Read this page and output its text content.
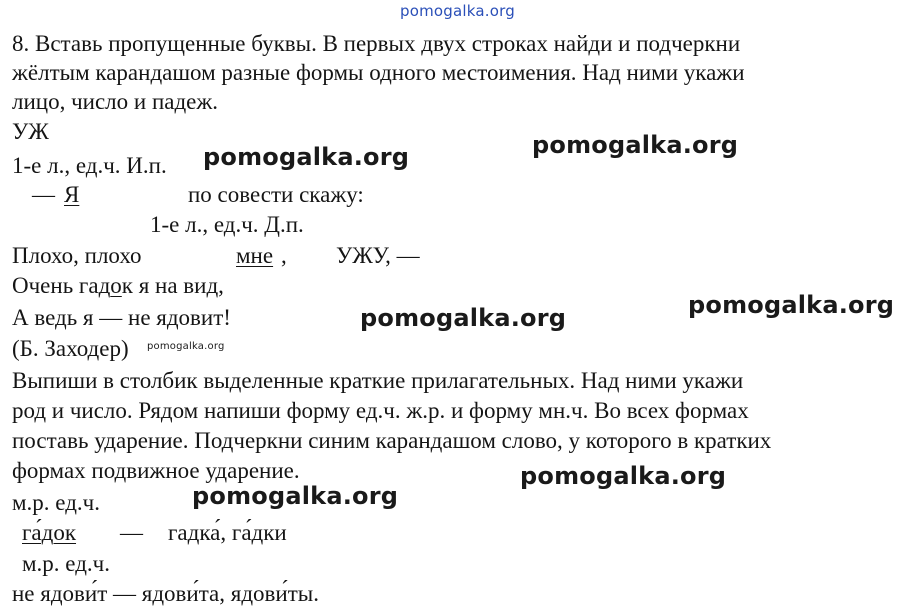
pomogalka.org
8. Вставь пропущенные буквы. В первых двух строках найди и подчеркни
жёлтым карандашом разные формы одного местоимения. Над ними укажи
лицо, число и падеж.
УЖ
1-е л., ед.ч. И.п.
— Я	по совести скажу:
1-е л., ед.ч. Д.п.
Плохо, плохо	мне , УЖУ, —
Очень гадок я на вид,
А ведь я — не ядовит!
(Б. Заходер) pomogalka.org
Выпиши в столбик выделенные краткие прилагательных. Над ними укажи
род и число. Рядом напиши форму ед.ч. ж.р. и форму мн.ч. Во всех формах
поставь ударение. Подчеркни синим карандашом слово, у которого в кратких
формах подвижное ударение.
м.р. ед.ч.
га́док — гадка́, га́дки
м.р. ед.ч.
не ядови́т — ядови́та, ядови́ты.
pomogalka.org	pomogalka.org
pomogalka.org
pomogalka.org
pomogalka.org
pomogalka.org
